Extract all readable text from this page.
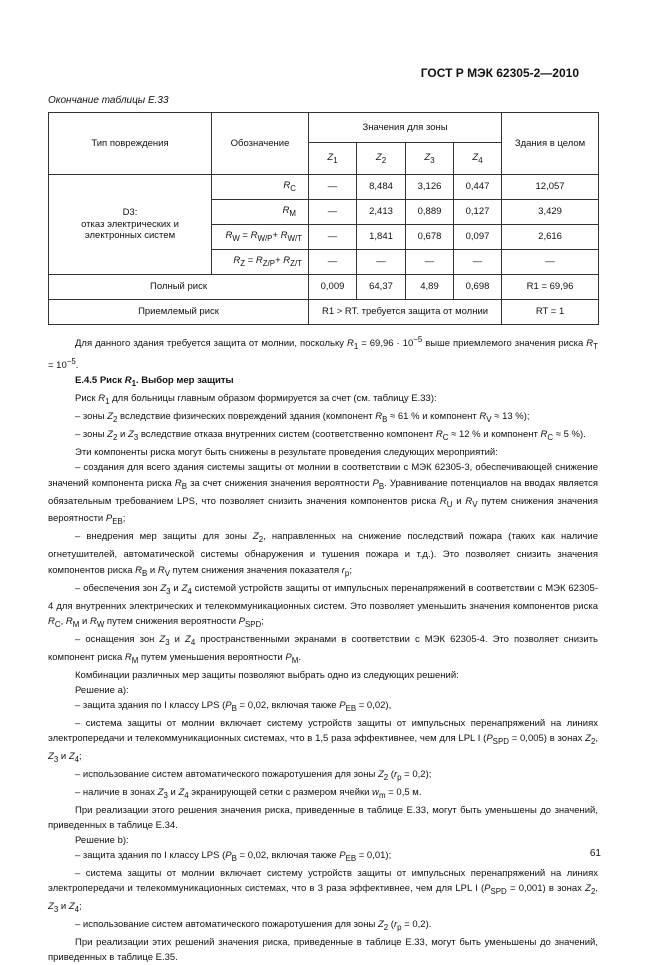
ГОСТ Р МЭК 62305-2—2010
Окончание таблицы Е.33
Тип повреждения	Обозначение	Значения для зоны				Здания в целом
		$Z_1$	$Z_2$	$Z_3$	$Z_4$

D3:
отказ электрических и
электронных систем	$R_C$	—	8,484	3,126	0,447	12,057
	$R_M$	—	2,413	0,889	0,127	3,429
	$R_W = R_{W/P}+ R_{W/T}$	—	1,841	0,678	0,097	2,616
	$R_Z = R_{Z/P}+ R_{Z/T}$	—	—	—	—	—
Полный риск		0,009	64,37	4,89	0,698	R1 = 69,96
Приемлемый риск		R1 > RT. требуется защита от молнии				RT = 1

Для данного здания требуется защита от молнии, поскольку $R_1 = 69,96 \cdot 10^{-5}$ выше приемлемого значения риска $R_T = 10^{-5}$.

Е.4.5 Риск $R_1$. Выбор мер защиты

Риск $R_1$ для больницы главным образом формируется за счет (см. таблицу Е.33):

– зоны $Z_2$ вследствие физических повреждений здания (компонент $R_B \approx 61$ % и компонент $R_V \approx 13$ %);

– зоны $Z_2$ и $Z_3$ вследствие отказа внутренних систем (соответственно компонент $R_C \approx 12$ % и компонент $R_C \approx 5$ %).

Эти компоненты риска могут быть снижены в результате проведения следующих мероприятий:

– создания для всего здания системы защиты от молнии в соответствии с МЭК 62305-3, обеспечивающей снижение значений компонента риска $R_B$ за счет снижения значения вероятности $P_B$. Уравнивание потенциалов на вводах является обязательным требованием LPS, что позволяет снизить значения компонентов риска $R_U$ и $R_V$ путем снижения значения вероятности $P_{EB}$;

– внедрения мер защиты для зоны $Z_2$, направленных на снижение последствий пожара (таких как наличие огнетушителей, автоматической системы обнаружения и тушения пожара и т.д.). Это позволяет снизить значения компонентов риска $R_B$ и $R_V$ путем снижения значения показателя $r_p$;

– обеспечения зон $Z_3$ и $Z_4$ системой устройств защиты от импульсных перенапряжений в соответствии с МЭК 62305-4 для внутренних электрических и телекоммуникационных систем. Это позволяет уменьшить значения компонентов риска $R_C$, $R_M$ и $R_W$ путем снижения вероятности $P_{SPD}$;

– оснащения зон $Z_3$ и $Z_4$ пространственными экранами в соответствии с МЭК 62305-4. Это позволяет снизить компонент риска $R_M$ путем уменьшения вероятности $P_M$.

Комбинации различных мер защиты позволяют выбрать одно из следующих решений:

Решение а):

– защита здания по I классу LPS ($P_B = 0,02$, включая также $P_{EB} = 0,02$),

– система защиты от молнии включает систему устройств защиты от импульсных перенапряжений на линиях электропередачи и телекоммуникационных системах, что в 1,5 раза эффективнее, чем для LPL I $(P_{SPD} = 0,005)$ в зонах $Z_2$, $Z_3$ и $Z_4$;

– использование систем автоматического пожаротушения для зоны $Z_2$ $(r_p = 0,2)$;

– наличие в зонах $Z_3$ и $Z_4$ экранирующей сетки с размером ячейки $w_m = 0,5$ м.

При реализации этого решения значения риска, приведенные в таблице Е.33, могут быть уменьшены до значений, приведенных в таблице Е.34.

Решение b):

– защита здания по I классу LPS ($P_B = 0,02$, включая также $P_{EB} = 0,01$);

– система защиты от молнии включает систему устройств защиты от импульсных перенапряжений на линиях электропередачи и телекоммуникационных системах, что в 3 раза эффективнее, чем для LPL I $(P_{SPD} = 0,001)$ в зонах $Z_2$, $Z_3$ и $Z_4$;

– использование систем автоматического пожаротушения для зоны $Z_2$ $(r_p = 0,2)$.

При реализации этих решений значения риска, приведенные в таблице Е.33, могут быть уменьшены до значений, приведенных в таблице Е.35.

61
